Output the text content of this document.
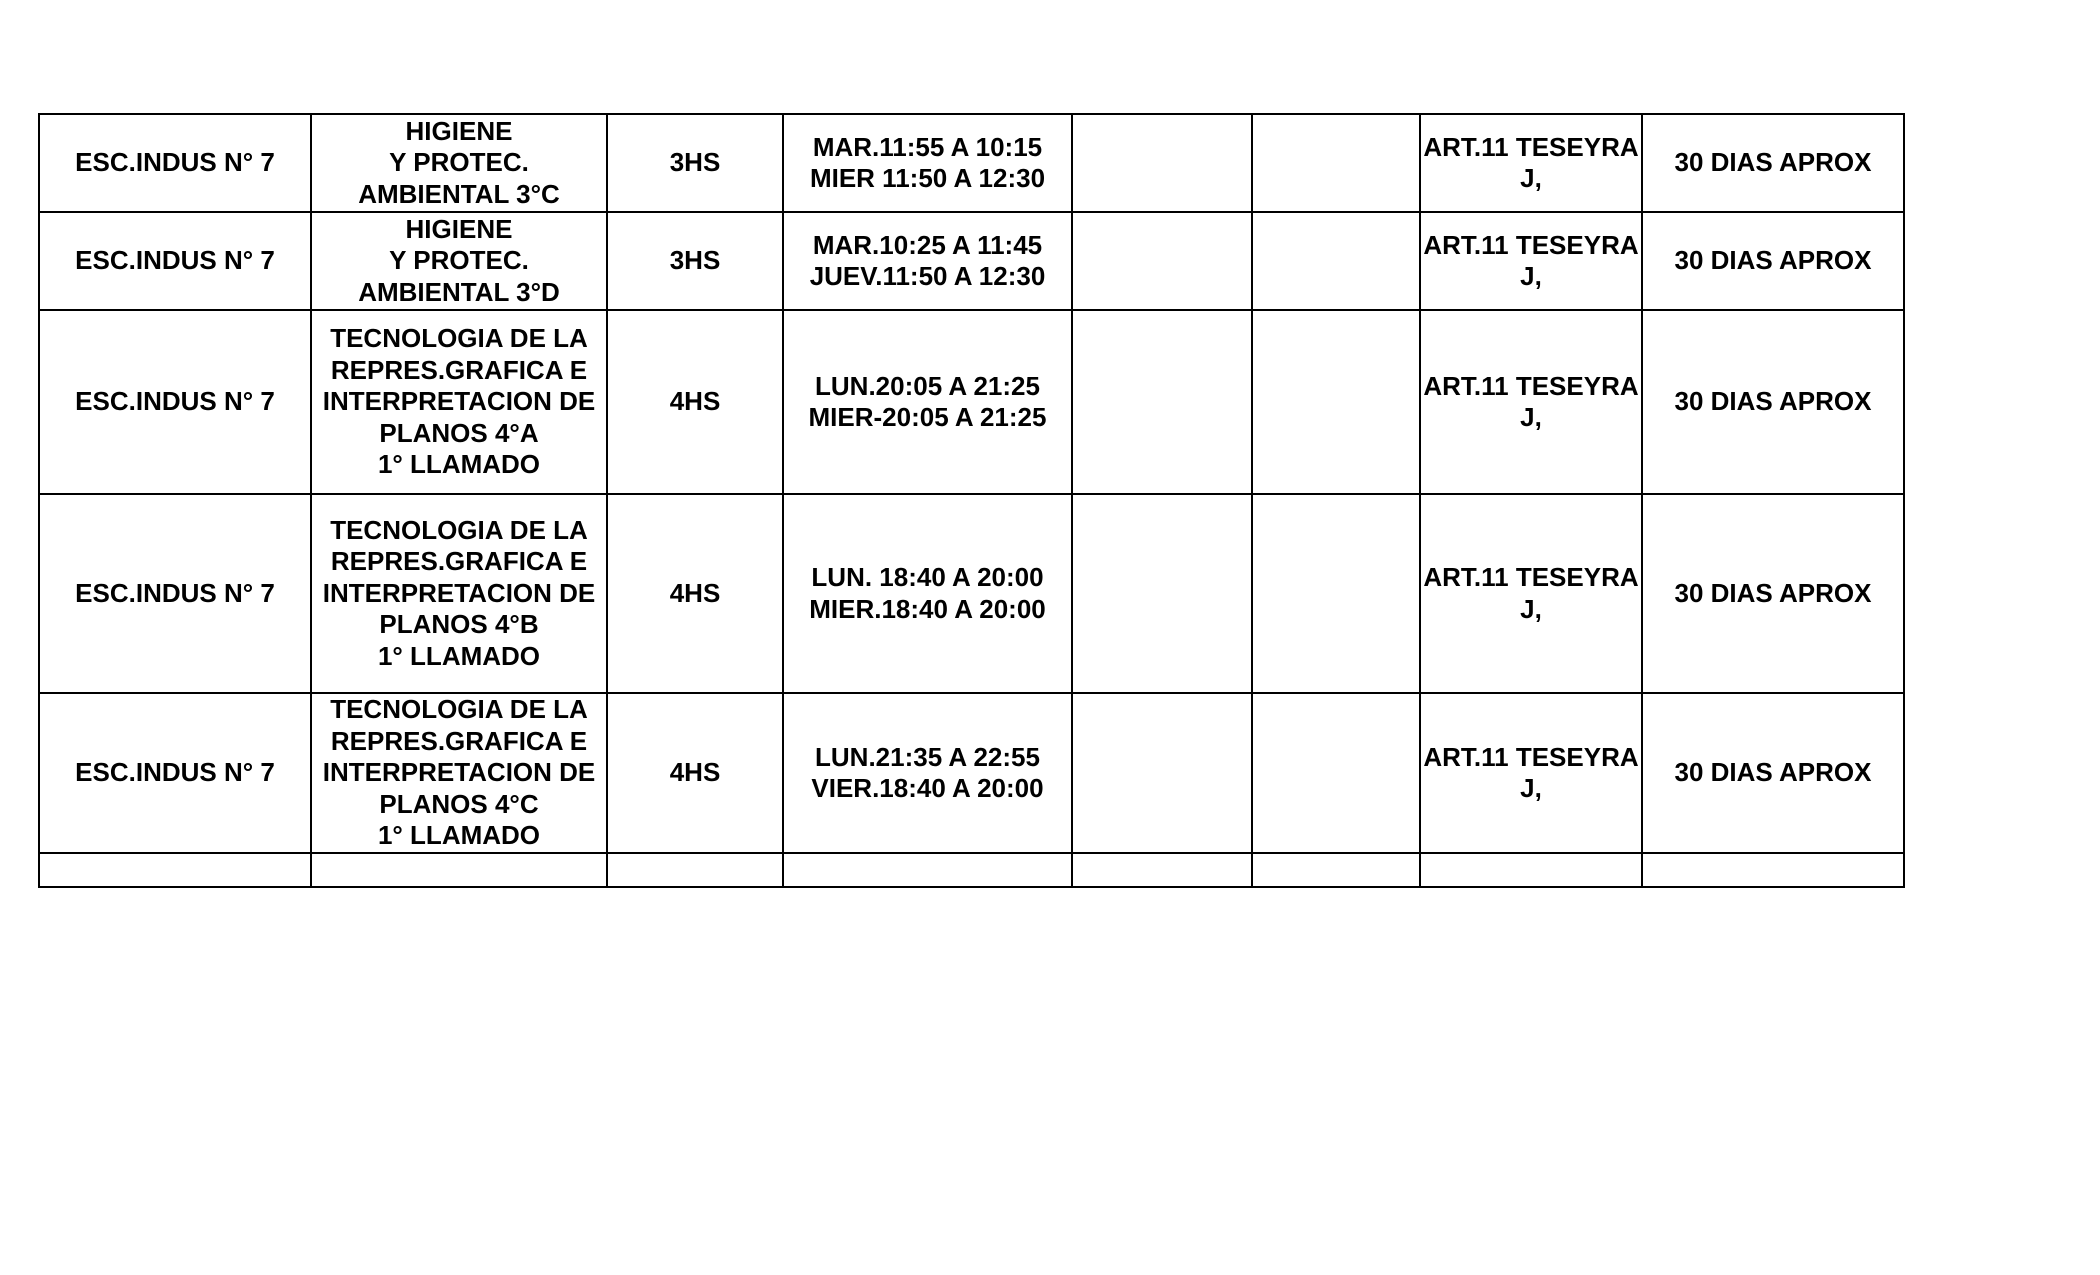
ESC.INDUS N° 7	HIGIENE
Y PROTEC.
AMBIENTAL 3°C	3HS	MAR.11:55 A 10:15
MIER 11:50 A 12:30			ART.11 TESEYRA
J,	30 DIAS APROX

ESC.INDUS N° 7	HIGIENE
Y PROTEC.
AMBIENTAL 3°D	3HS	MAR.10:25 A 11:45
JUEV.11:50 A 12:30			ART.11 TESEYRA
J,	30 DIAS APROX

ESC.INDUS N° 7	TECNOLOGIA DE LA
REPRES.GRAFICA E
INTERPRETACION DE
PLANOS 4°A
1° LLAMADO	4HS	LUN.20:05 A 21:25
MIER-20:05 A 21:25			ART.11 TESEYRA
J,	30 DIAS APROX

ESC.INDUS N° 7	TECNOLOGIA DE LA
REPRES.GRAFICA E
INTERPRETACION DE
PLANOS 4°B
1° LLAMADO	4HS	LUN. 18:40 A 20:00
MIER.18:40 A 20:00			ART.11 TESEYRA
J,	30 DIAS APROX

ESC.INDUS N° 7	TECNOLOGIA DE LA
REPRES.GRAFICA E
INTERPRETACION DE
PLANOS 4°C
1° LLAMADO	4HS	LUN.21:35 A 22:55
VIER.18:40 A 20:00			ART.11 TESEYRA
J,	30 DIAS APROX
